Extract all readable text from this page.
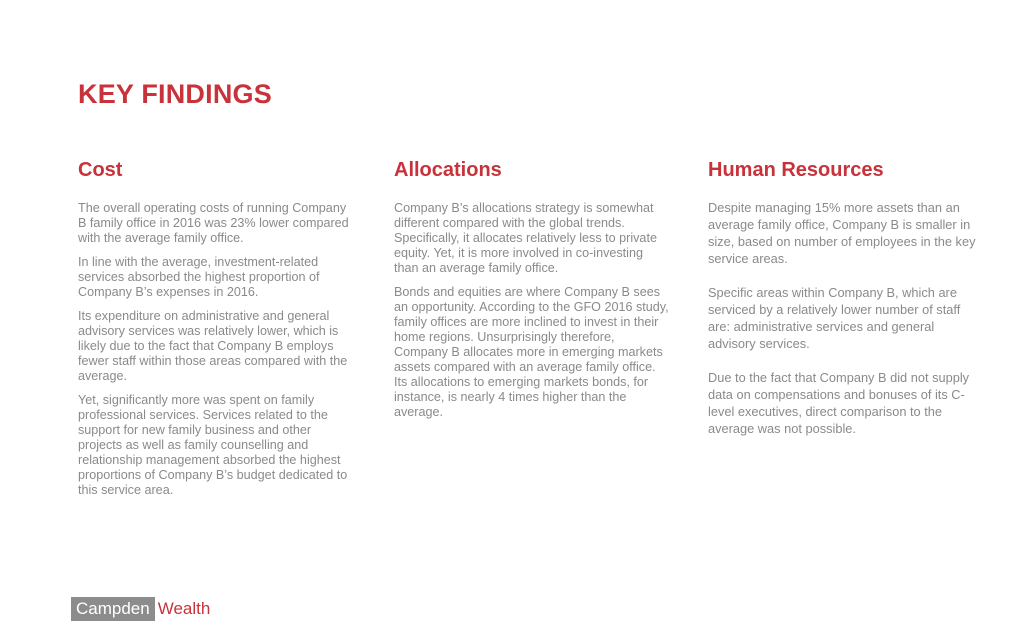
KEY FINDINGS
Cost

The overall operating costs of running Company B family office in 2016 was 23% lower compared with the average family office.

In line with the average, investment-related services absorbed the highest proportion of Company B’s expenses in 2016.

Its expenditure on administrative and general advisory services was relatively lower, which is likely due to the fact that Company B employs fewer staff within those areas compared with the average.

Yet, significantly more was spent on family professional services. Services related to the support for new family business and other projects as well as family counselling and relationship management absorbed the highest proportions of Company B’s budget dedicated to this service area.

Allocations

Company B’s allocations strategy is somewhat different compared with the global trends. Specifically, it allocates relatively less to private equity. Yet, it is more involved in co-investing than an average family office.

Bonds and equities are where Company B sees an opportunity. According to the GFO 2016 study, family offices are more inclined to invest in their home regions. Unsurprisingly therefore, Company B allocates more in emerging markets assets compared with an average family office. Its allocations to emerging markets bonds, for instance, is nearly 4 times higher than the average.

Human Resources

Despite managing 15% more assets than an average family office, Company B is smaller in size, based on number of employees in the key service areas.

Specific areas within Company B, which are serviced by a relatively lower number of staff are: administrative services and general advisory services.

Due to the fact that Company B did not supply data on compensations and bonuses of its C-level executives, direct comparison to the average was not possible.

Campden Wealth
